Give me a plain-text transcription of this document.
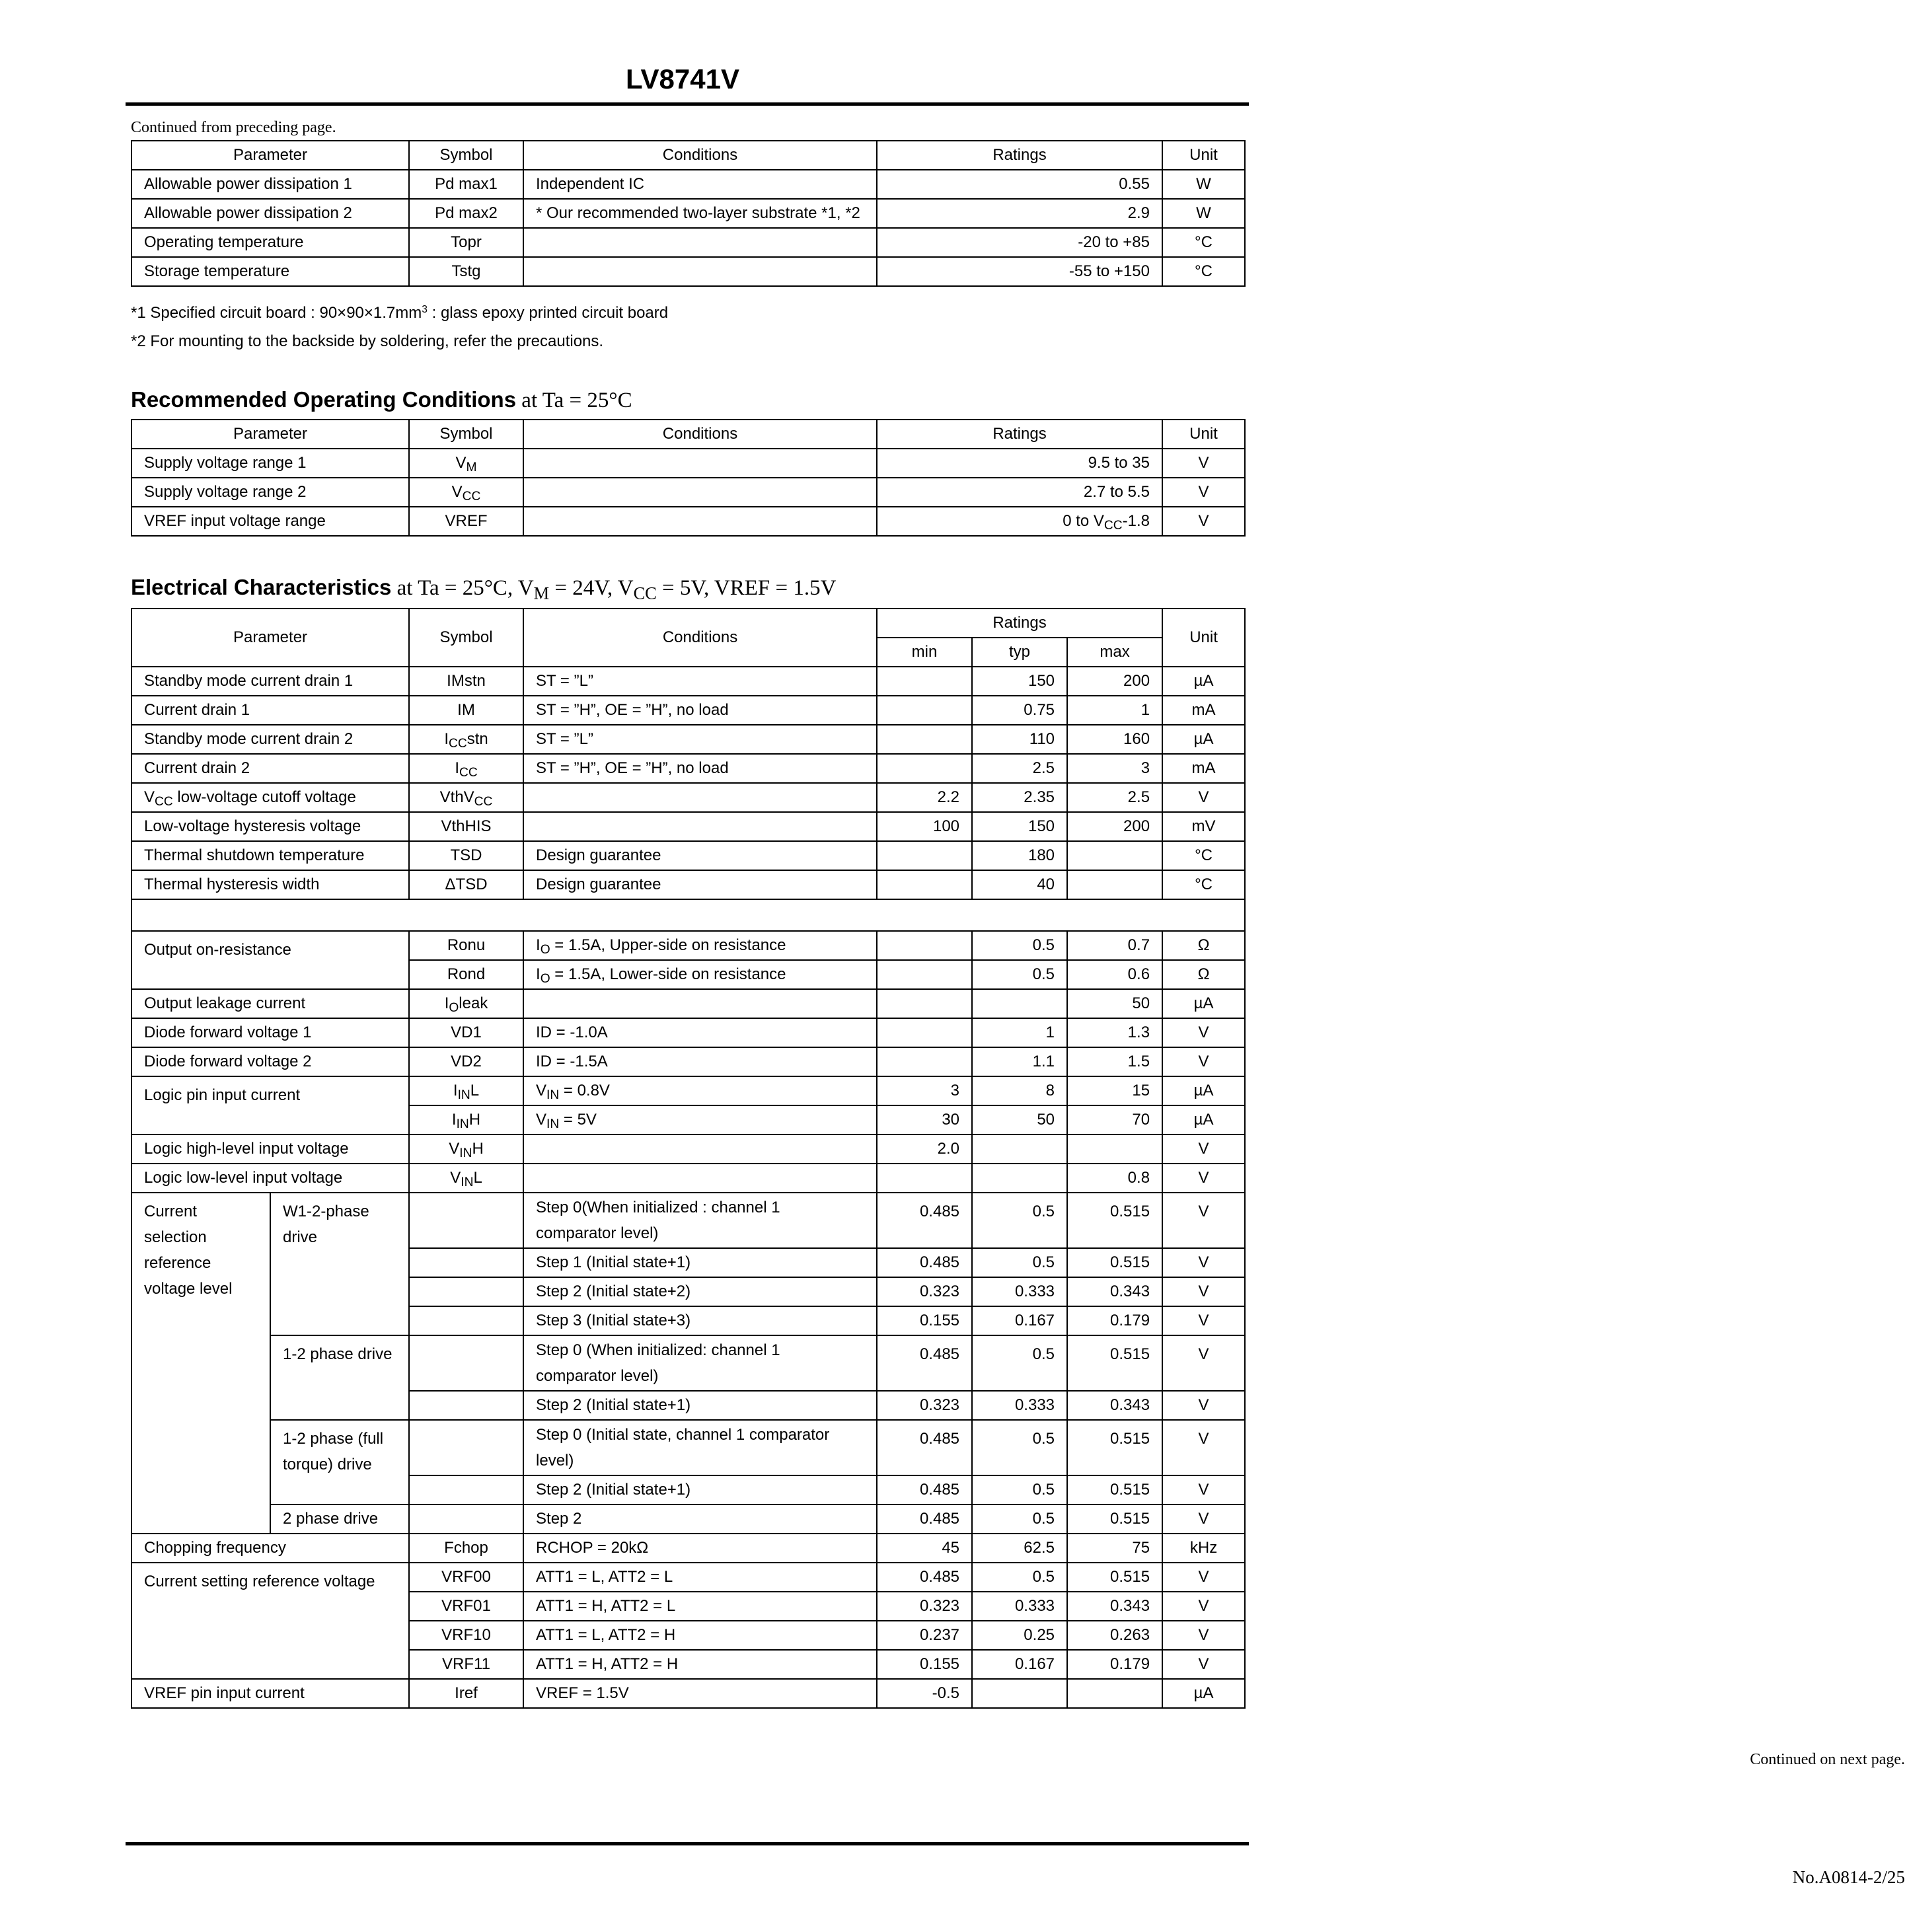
LV8741V
Continued from preceding page.
Parameter	Symbol	Conditions	Ratings	Unit
Allowable power dissipation 1	Pd max1	Independent IC	0.55	W
Allowable power dissipation 2	Pd max2	* Our recommended two-layer substrate *1, *2	2.9	W
Operating temperature	Topr		-20 to +85	°C
Storage temperature	Tstg		-55 to +150	°C
*1 Specified circuit board : $90\times 90\times 1.7mm^3$ : glass epoxy printed circuit board
*2 For mounting to the backside by soldering, refer the precautions.
Recommended Operating Conditions at Ta = 25°C
Parameter	Symbol	Conditions	Ratings	Unit
Supply voltage range 1	$V_M$		9.5 to 35	V
Supply voltage range 2	$V_{CC}$		2.7 to 5.5	V
VREF input voltage range	VREF		0 to $V_{CC}-1.8$	V
Electrical Characteristics at Ta = 25°C, $V_M = 24V$, $V_{CC} = 5V$, VREF = 1.5V
Parameter		Symbol	Conditions	Ratings			Unit
				min	typ	max	
Standby mode current drain 1		IMstn	ST = ”L”		150	200	µA
Current drain 1		IM	ST = ”H”, OE = ”H”, no load		0.75	1	mA
Standby mode current drain 2		$I_{CC}stn$	ST = ”L”		110	160	µA
Current drain 2		$I_{CC}$	ST = ”H”, OE = ”H”, no load		2.5	3	mA
$V_{CC}$ low-voltage cutoff voltage		VthV$_{CC}$		2.2	2.35	2.5	V
Low-voltage hysteresis voltage		VthHIS		100	150	200	mV
Thermal shutdown temperature		TSD	Design guarantee		180		°C
Thermal hysteresis width		ΔTSD	Design guarantee		40		°C

Output on-resistance		Ronu	$I_O = 1.5A$, Upper-side on resistance		0.5	0.7	Ω
		Rond	$I_O = 1.5A$, Lower-side on resistance		0.5	0.6	Ω
Output leakage current		$I_Oleak$				50	µA
Diode forward voltage 1		VD1	ID = -1.0A		1	1.3	V
Diode forward voltage 2		VD2	ID = -1.5A		1.1	1.5	V
Logic pin input current		$I_{IN}L$	$V_{IN} = 0.8V$	3	8	15	µA
		$I_{IN}H$	$V_{IN} = 5V$	30	50	70	µA
Logic high-level input voltage		$V_{IN}H$		2.0			V
Logic low-level input voltage		$V_{IN}L$				0.8	V
Current selection reference voltage level	W1-2-phase drive		Step 0(When initialized : channel 1 comparator level)	0.485	0.5	0.515	V
			Step 1 (Initial state+1)	0.485	0.5	0.515	V
			Step 2 (Initial state+2)	0.323	0.333	0.343	V
			Step 3 (Initial state+3)	0.155	0.167	0.179	V
	1-2 phase drive		Step 0 (When initialized: channel 1 comparator level)	0.485	0.5	0.515	V
			Step 2 (Initial state+1)	0.323	0.333	0.343	V
	1-2 phase (full torque) drive		Step 0 (Initial state, channel 1 comparator level)	0.485	0.5	0.515	V
			Step 2 (Initial state+1)	0.485	0.5	0.515	V
	2 phase drive		Step 2	0.485	0.5	0.515	V
Chopping frequency		Fchop	RCHOP = 20kΩ	45	62.5	75	kHz
Current setting reference voltage		VRF00	ATT1 = L, ATT2 = L	0.485	0.5	0.515	V
		VRF01	ATT1 = H, ATT2 = L	0.323	0.333	0.343	V
		VRF10	ATT1 = L, ATT2 = H	0.237	0.25	0.263	V
		VRF11	ATT1 = H, ATT2 = H	0.155	0.167	0.179	V
VREF pin input current		Iref	VREF = 1.5V	-0.5			µA
Continued on next page.
No.A0814-2/25
